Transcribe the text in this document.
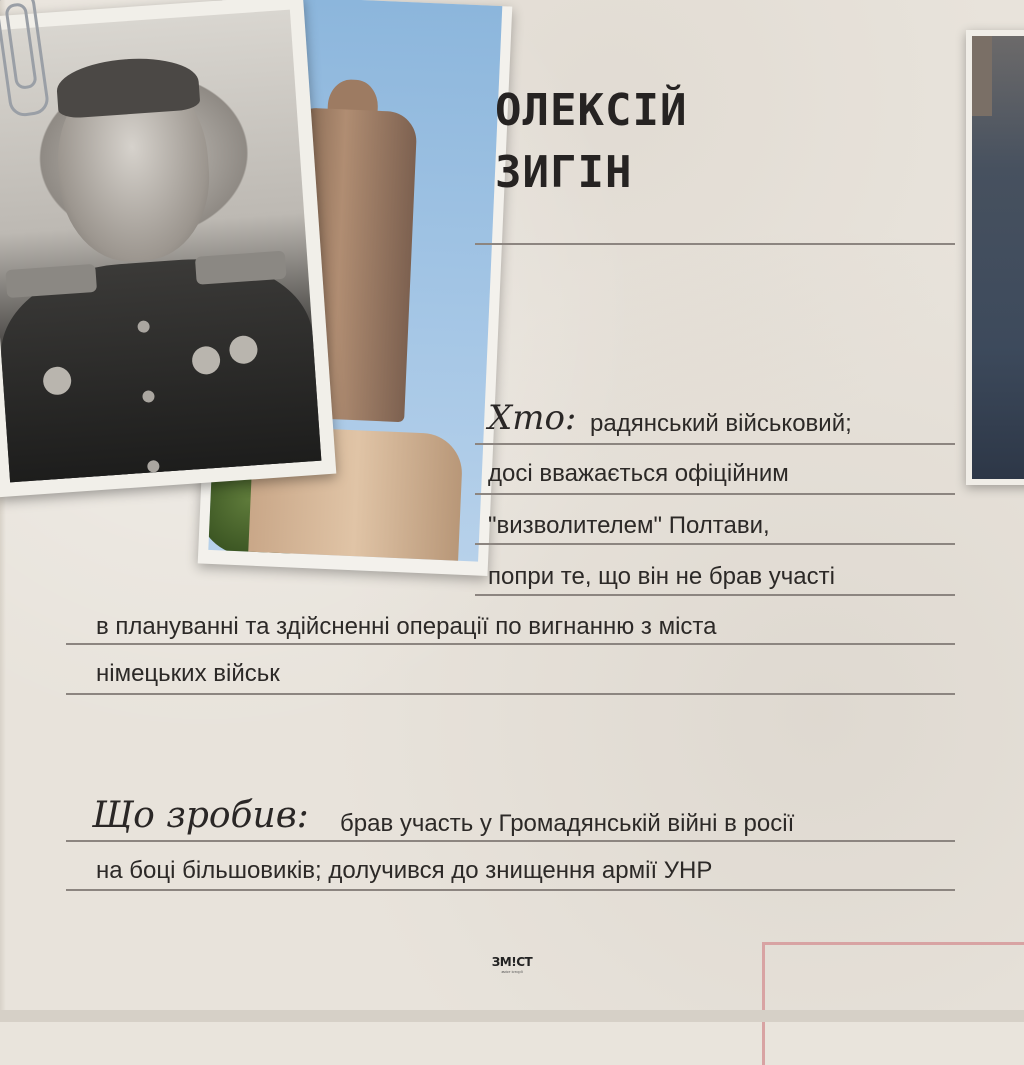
ОЛЕКСІЙ
ЗИГІН
Хто: радянський військовий;
досі вважається офіційним
"визволителем" Полтави,
попри те, що він не брав участі
в плануванні та здійсненні операції по вигнанню з міста
німецьких військ
Що зробив: брав участь у Громадянській війні в росії
на боці більшовиків; долучився до знищення армії УНР
ЗМ!СТ
зміст історії
